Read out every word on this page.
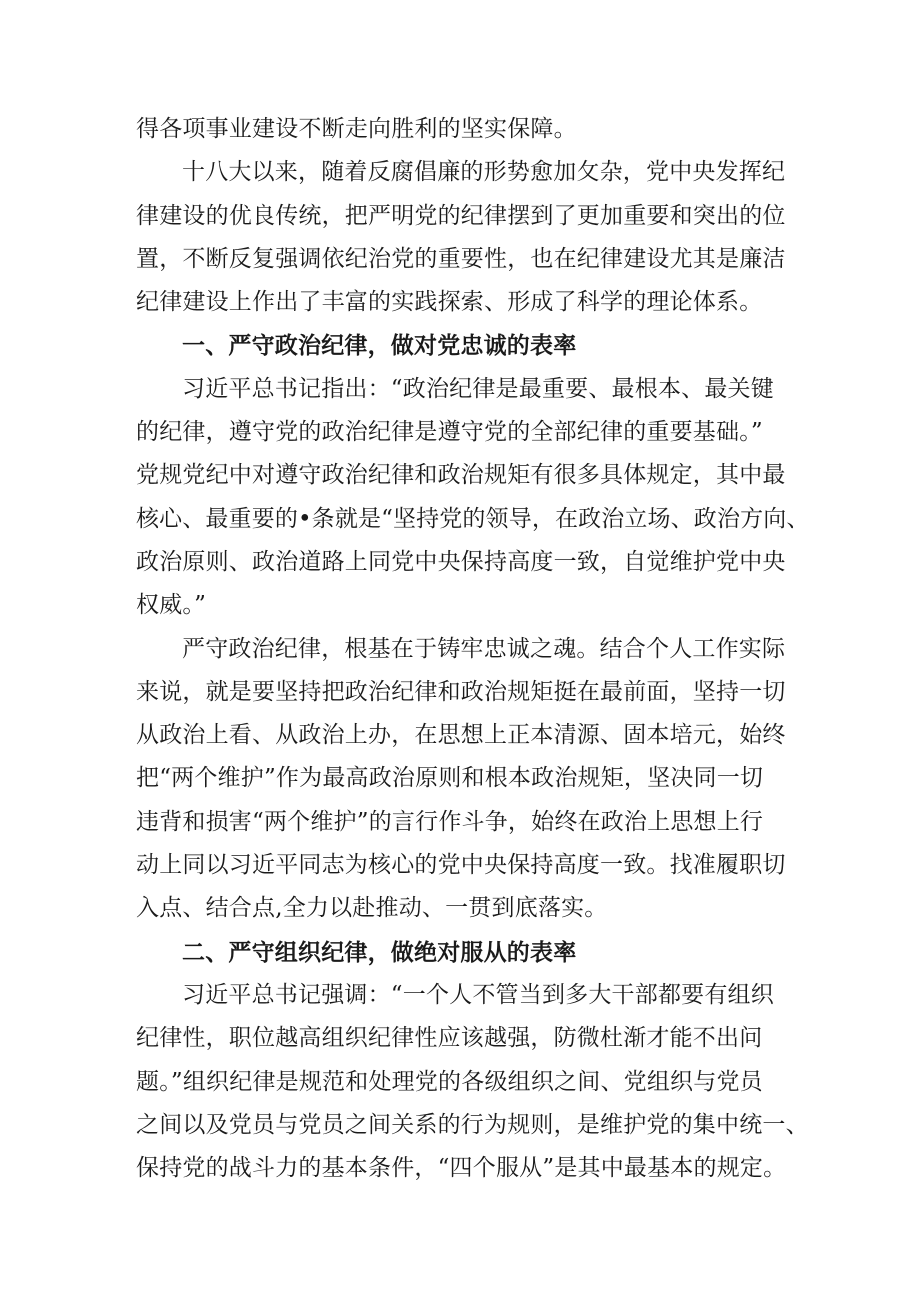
得各项事业建设不断走向胜利的坚实保障。
十八大以来，随着反腐倡廉的形势愈加攵杂，党中央发挥纪
律建设的优良传统，把严明党的纪律摆到了更加重要和突出的位
置，不断反复强调依纪治党的重要性，也在纪律建设尤其是廉洁
纪律建设上作出了丰富的实践探索、形成了科学的理论体系。
一、严守政治纪律，做对党忠诚的表率
习近平总书记指出：“政治纪律是最重要、最根本、最关键
的纪律，遵守党的政治纪律是遵守党的全部纪律的重要基础。”
党规党纪中对遵守政治纪律和政治规矩有很多具体规定，其中最
核心、最重要的•条就是“坚持党的领导，在政治立场、政治方向、
政治原则、政治道路上同党中央保持高度一致，自觉维护党中央
权威。”
严守政治纪律，根基在于铸牢忠诚之魂。结合个人工作实际
来说，就是要坚持把政治纪律和政治规矩挺在最前面，坚持一切
从政治上看、从政治上办，在思想上正本清源、固本培元，始终
把“两个维护”作为最高政治原则和根本政治规矩，坚决同一切
违背和损害“两个维护”的言行作斗争，始终在政治上思想上行
动上同以习近平同志为核心的党中央保持高度一致。找准履职切
入点、结合点,全力以赴推动、一贯到底落实。
二、严守组织纪律，做绝对服从的表率
习近平总书记强调：“一个人不管当到多大干部都要有组织
纪律性，职位越高组织纪律性应该越强，防微杜渐才能不出问
题。”组织纪律是规范和处理党的各级组织之间、党组织与党员
之间以及党员与党员之间关系的行为规则，是维护党的集中统一、
保持党的战斗力的基本条件，“四个服从”是其中最基本的规定。
